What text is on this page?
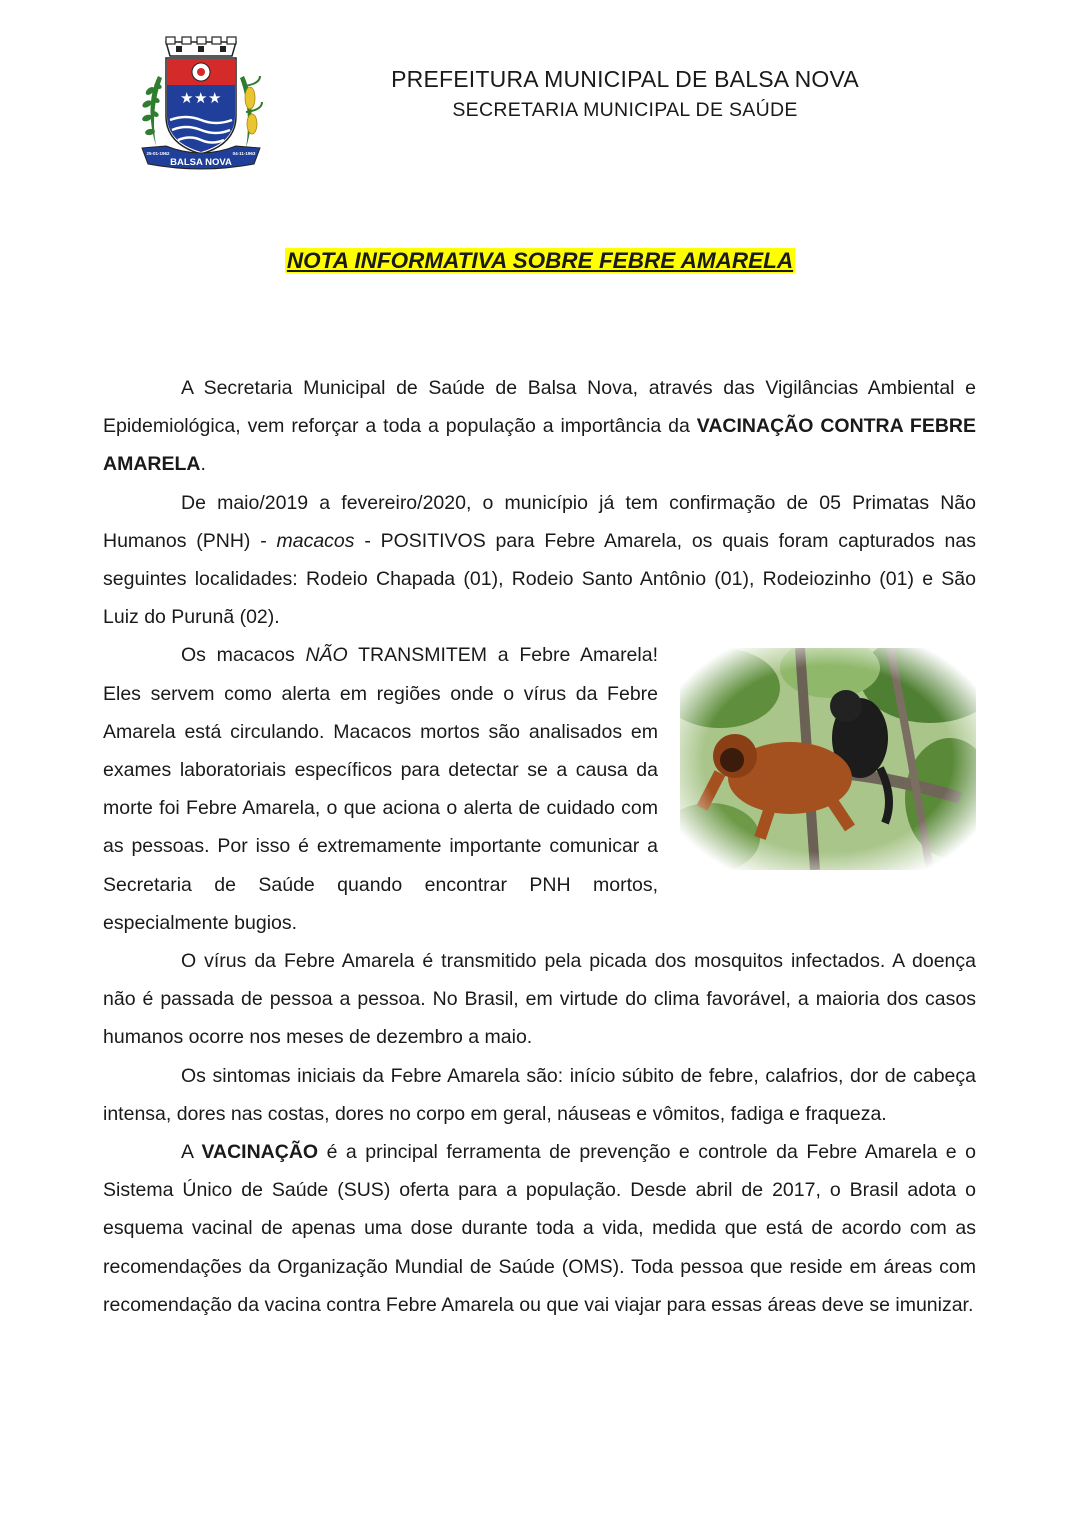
★ ★ ★
BALSA NOVA
25-01-1962	04-11-1963
PREFEITURA MUNICIPAL DE BALSA NOVA
SECRETARIA MUNICIPAL DE SAÚDE
NOTA INFORMATIVA SOBRE FEBRE AMARELA

A Secretaria Municipal de Saúde de Balsa Nova, através das Vigilâncias Ambiental e Epidemiológica, vem reforçar a toda a população a importância da VACINAÇÃO CONTRA FEBRE AMARELA.

De maio/2019 a fevereiro/2020, o município já tem confirmação de 05 Primatas Não Humanos (PNH) - macacos - POSITIVOS para Febre Amarela, os quais foram capturados nas seguintes localidades: Rodeio Chapada (01), Rodeio Santo Antônio (01), Rodeiozinho (01) e São Luiz do Purunã (02).

Os macacos NÃO TRANSMITEM a Febre Amarela! Eles servem como alerta em regiões onde o vírus da Febre Amarela está circulando. Macacos mortos são analisados em exames laboratoriais específicos para detectar se a causa da morte foi Febre Amarela, o que aciona o alerta de cuidado com as pessoas. Por isso é extremamente importante comunicar a Secretaria de Saúde quando encontrar PNH mortos, especialmente bugios.

O vírus da Febre Amarela é transmitido pela picada dos mosquitos infectados. A doença não é passada de pessoa a pessoa. No Brasil, em virtude do clima favorável, a maioria dos casos humanos ocorre nos meses de dezembro a maio.

Os sintomas iniciais da Febre Amarela são: início súbito de febre, calafrios, dor de cabeça intensa, dores nas costas, dores no corpo em geral, náuseas e vômitos, fadiga e fraqueza.

A VACINAÇÃO é a principal ferramenta de prevenção e controle da Febre Amarela e o Sistema Único de Saúde (SUS) oferta para a população. Desde abril de 2017, o Brasil adota o esquema vacinal de apenas uma dose durante toda a vida, medida que está de acordo com as recomendações da Organização Mundial de Saúde (OMS). Toda pessoa que reside em áreas com recomendação da vacina contra Febre Amarela ou que vai viajar para essas áreas deve se imunizar.
